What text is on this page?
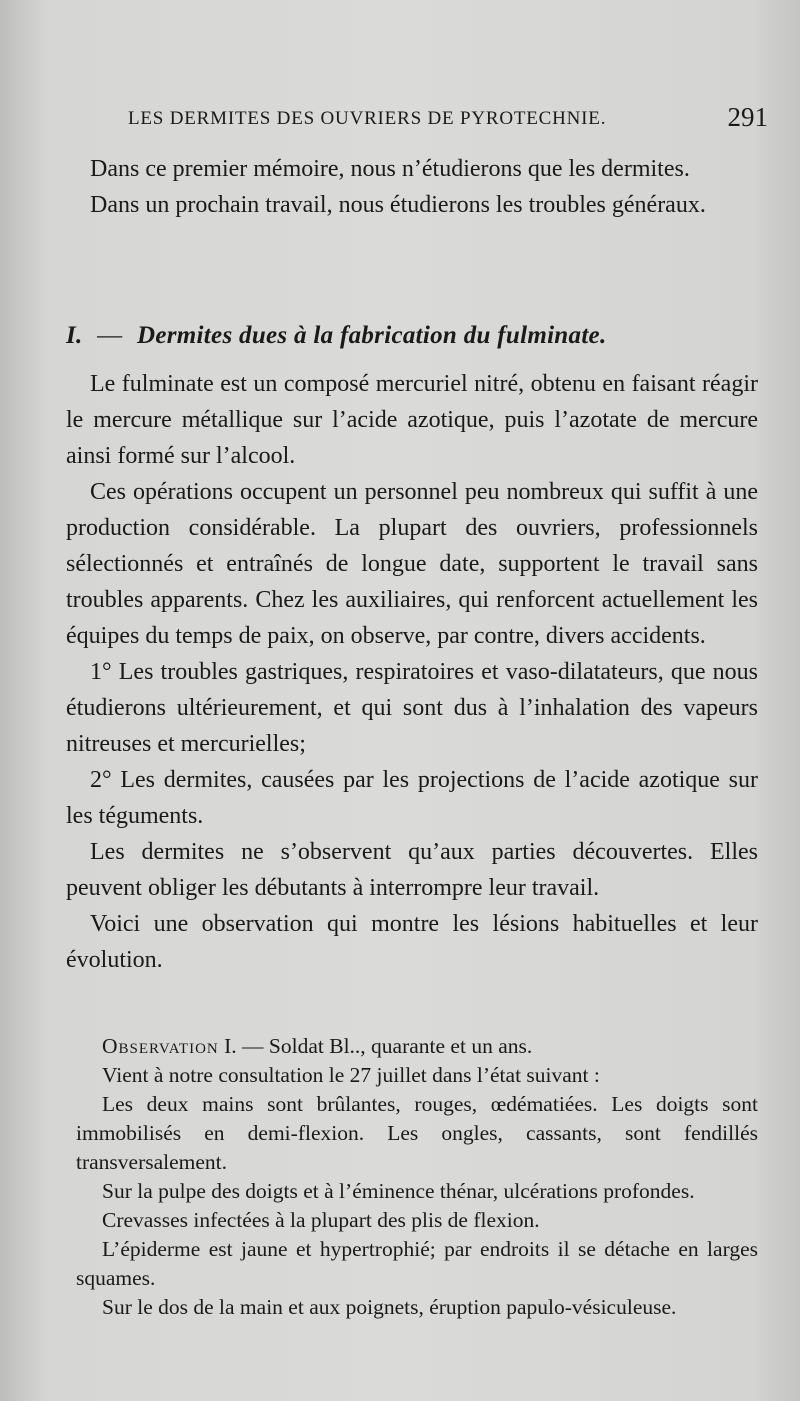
LES DERMITES DES OUVRIERS DE PYROTECHNIE.	291

Dans ce premier mémoire, nous n’étudierons que les dermites.

Dans un prochain travail, nous étudierons les troubles généraux.

I. — Dermites dues à la fabrication du fulminate.

Le fulminate est un composé mercuriel nitré, obtenu en faisant réagir le mercure métallique sur l’acide azotique, puis l’azotate de mercure ainsi formé sur l’alcool.

Ces opérations occupent un personnel peu nombreux qui suffit à une production considérable. La plupart des ouvriers, professionnels sélectionnés et entraînés de longue date, supportent le travail sans troubles apparents. Chez les auxiliaires, qui renforcent actuellement les équipes du temps de paix, on observe, par contre, divers accidents.

1° Les troubles gastriques, respiratoires et vaso-dilatateurs, que nous étudierons ultérieurement, et qui sont dus à l’inhalation des vapeurs nitreuses et mercurielles;

2° Les dermites, causées par les projections de l’acide azotique sur les téguments.

Les dermites ne s’observent qu’aux parties découvertes. Elles peuvent obliger les débutants à interrompre leur travail.

Voici une observation qui montre les lésions habituelles et leur évolution.

Observation I. — Soldat Bl.., quarante et un ans.

Vient à notre consultation le 27 juillet dans l’état suivant :

Les deux mains sont brûlantes, rouges, œdématiées. Les doigts sont immobilisés en demi-flexion. Les ongles, cassants, sont fendillés transversalement.

Sur la pulpe des doigts et à l’éminence thénar, ulcérations profondes.

Crevasses infectées à la plupart des plis de flexion.

L’épiderme est jaune et hypertrophié; par endroits il se détache en larges squames.

Sur le dos de la main et aux poignets, éruption papulo-vésiculeuse.
